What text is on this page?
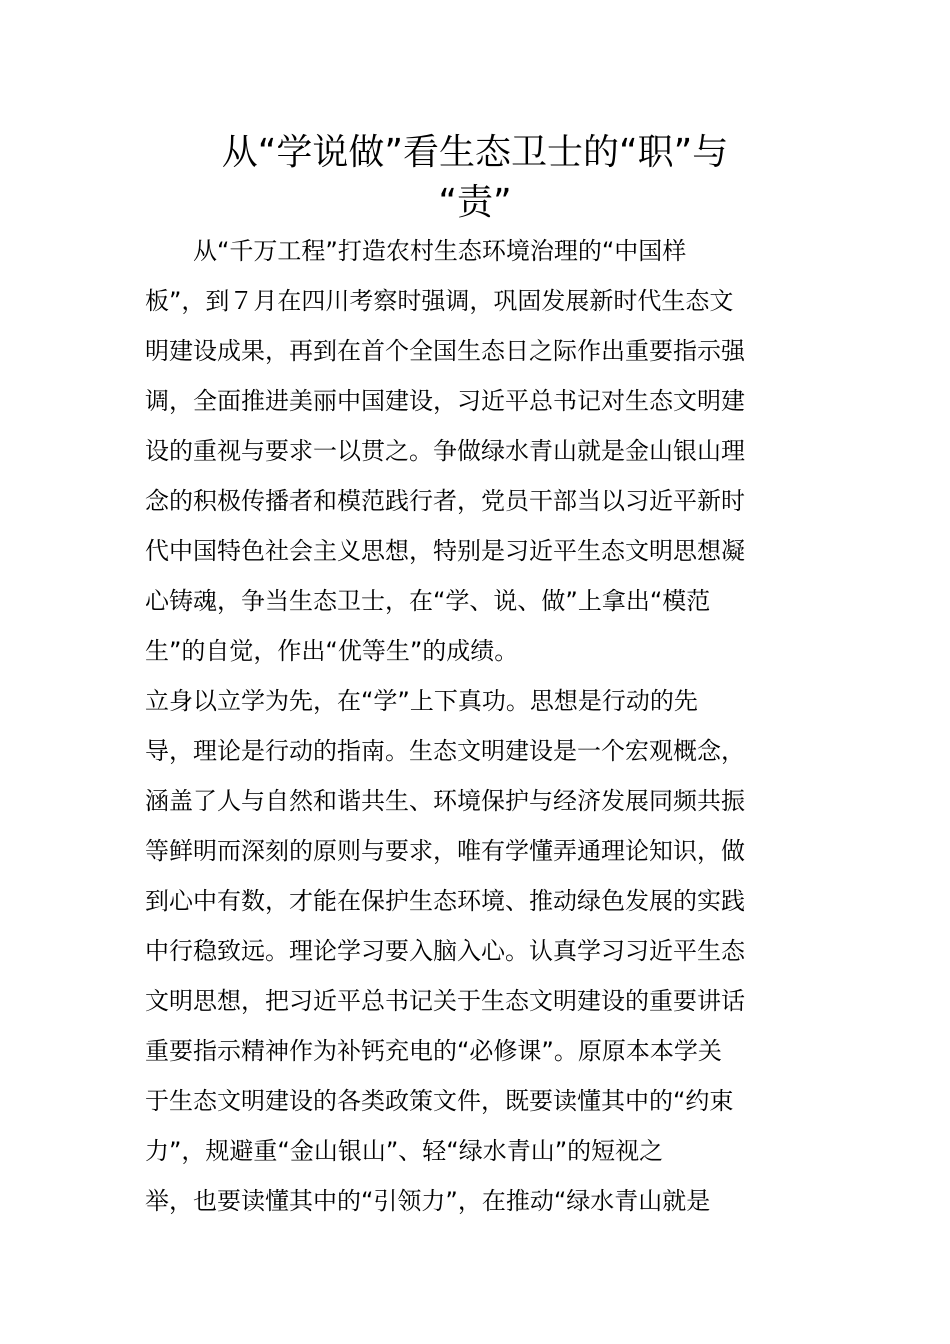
从“学说做”看生态卫士的“职”与
“责”
　　从“千万工程”打造农村生态环境治理的“中国样
板”，到７月在四川考察时强调，巩固发展新时代生态文
明建设成果，再到在首个全国生态日之际作出重要指示强
调，全面推进美丽中国建设，习近平总书记对生态文明建
设的重视与要求一以贯之。争做绿水青山就是金山银山理
念的积极传播者和模范践行者，党员干部当以习近平新时
代中国特色社会主义思想，特别是习近平生态文明思想凝
心铸魂，争当生态卫士，在“学、说、做”上拿出“模范
生”的自觉，作出“优等生”的成绩。
立身以立学为先，在“学”上下真功。思想是行动的先
导，理论是行动的指南。生态文明建设是一个宏观概念，
涵盖了人与自然和谐共生、环境保护与经济发展同频共振
等鲜明而深刻的原则与要求，唯有学懂弄通理论知识，做
到心中有数，才能在保护生态环境、推动绿色发展的实践
中行稳致远。理论学习要入脑入心。认真学习习近平生态
文明思想，把习近平总书记关于生态文明建设的重要讲话
重要指示精神作为补钙充电的“必修课”。原原本本学关
于生态文明建设的各类政策文件，既要读懂其中的“约束
力”，规避重“金山银山”、轻“绿水青山”的短视之
举，也要读懂其中的“引领力”，在推动“绿水青山就是
